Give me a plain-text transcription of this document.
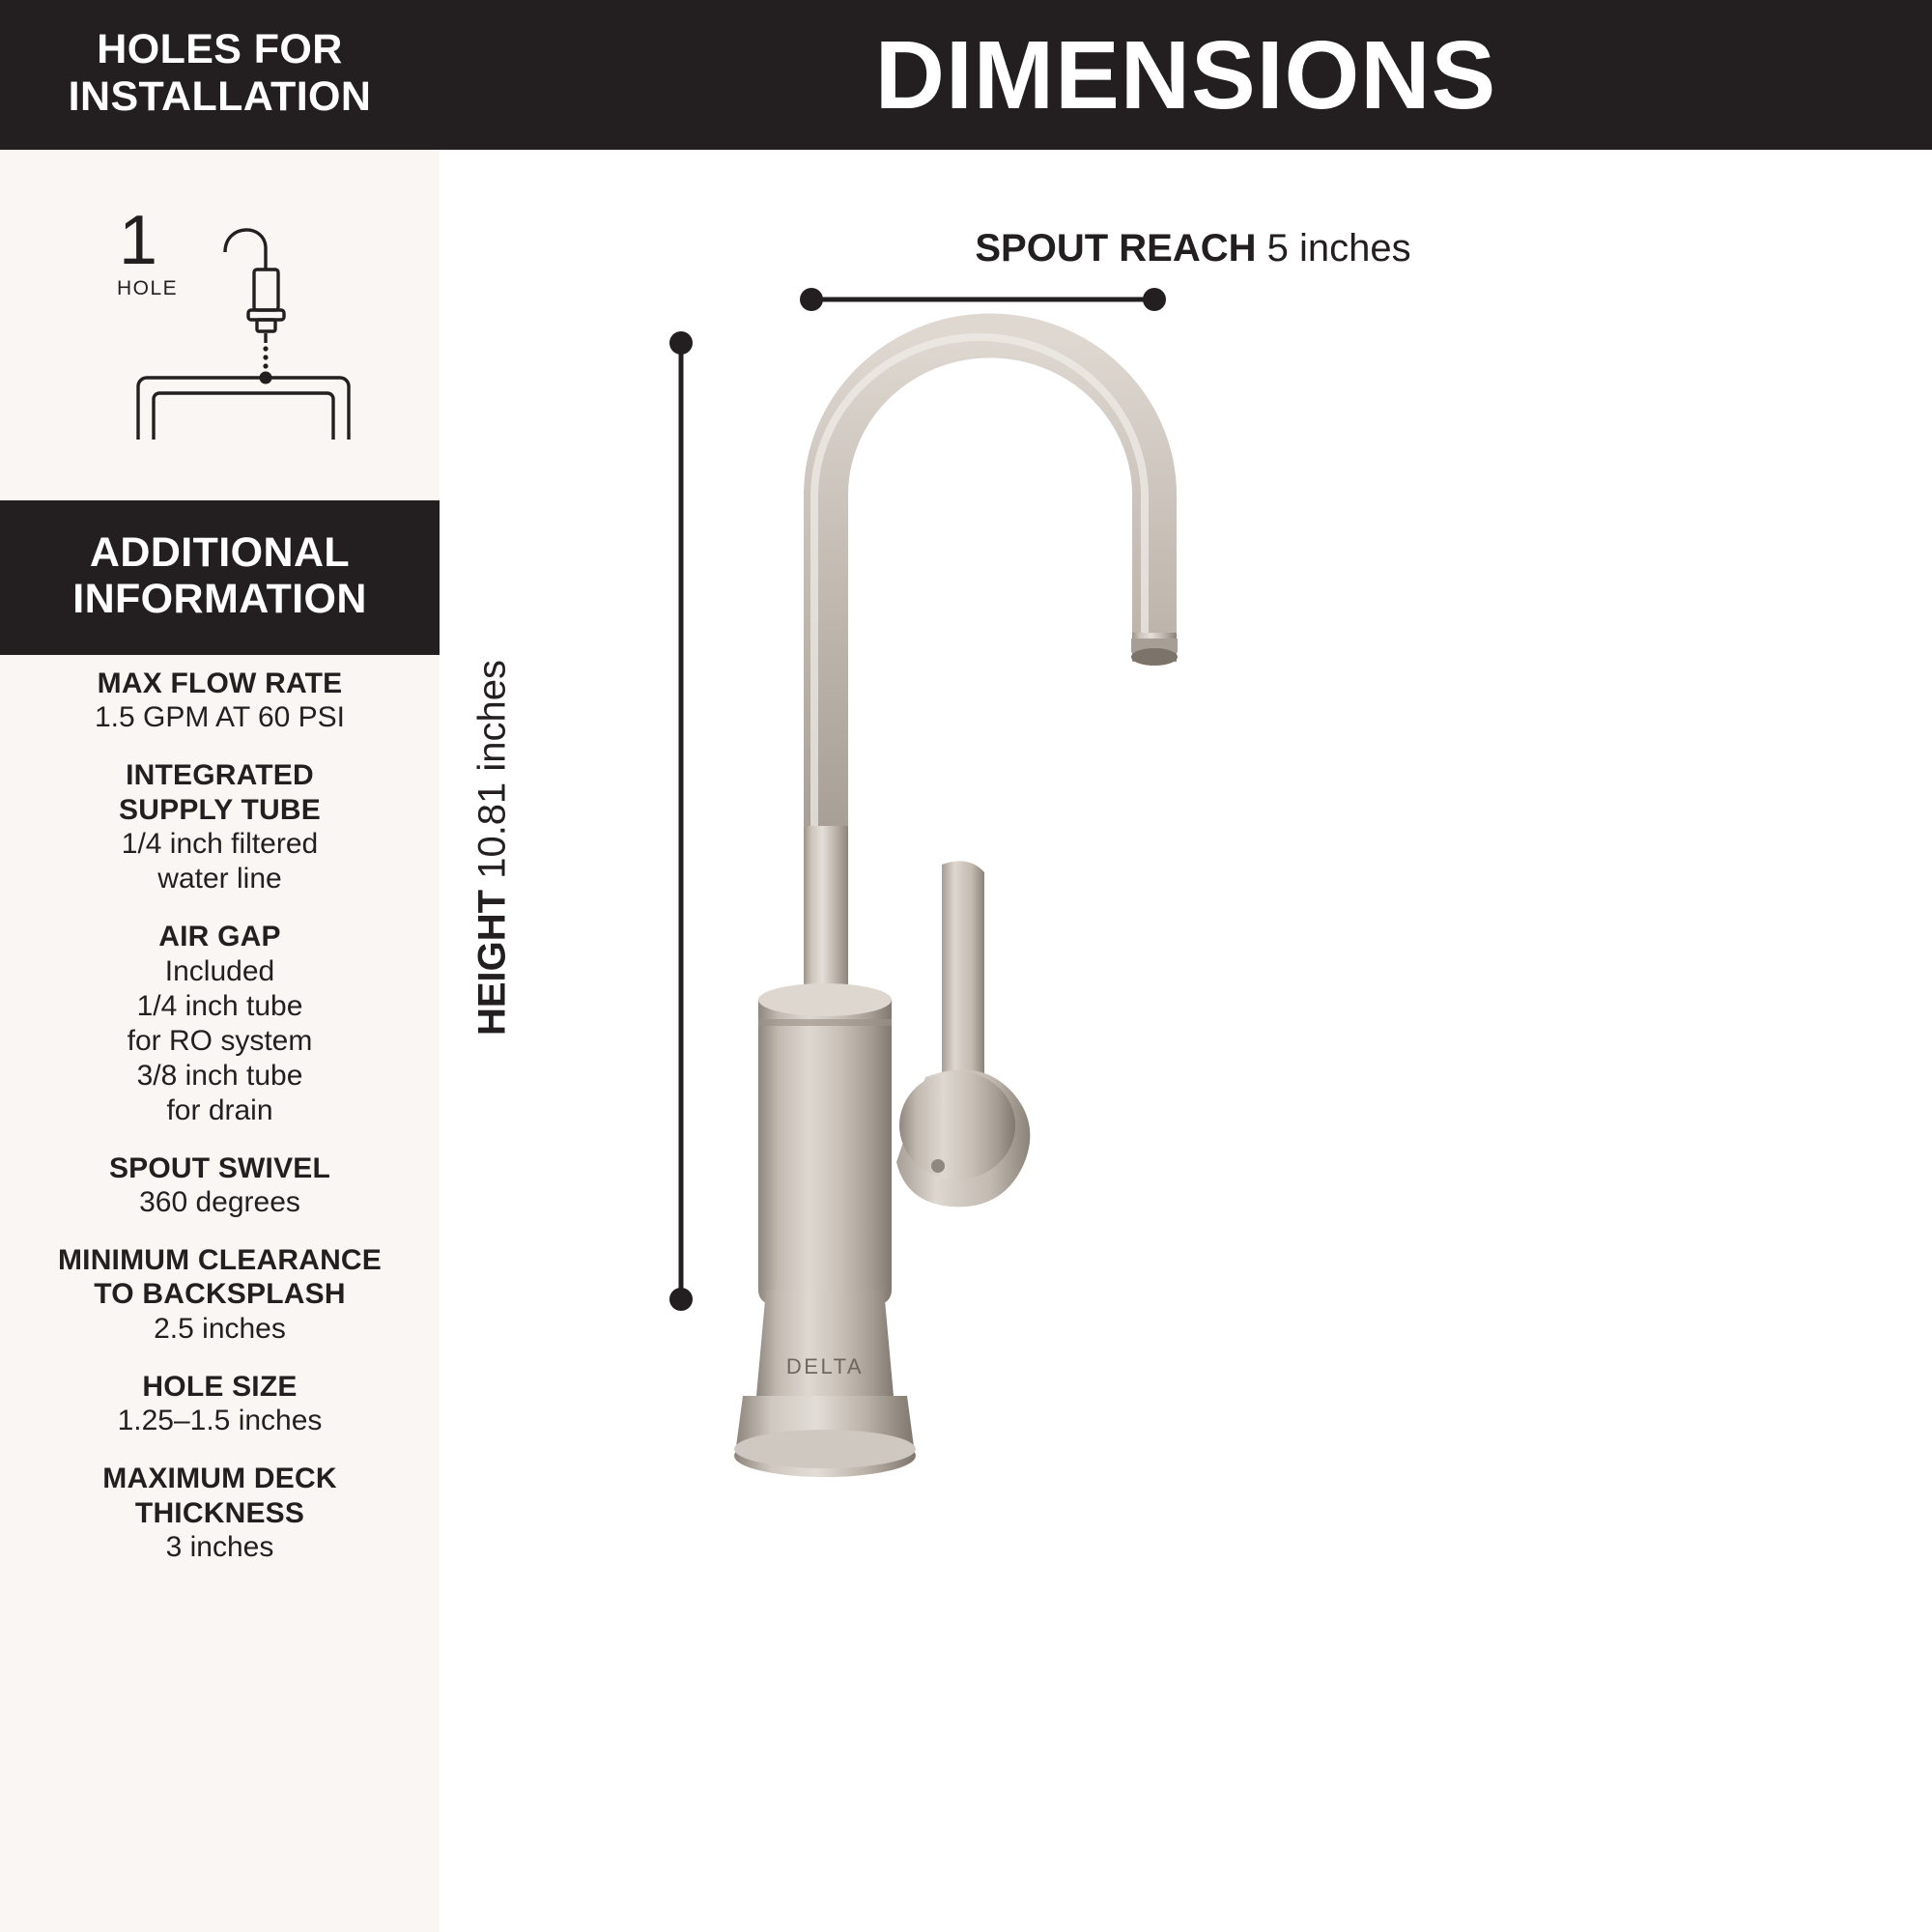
HOLES FOR
INSTALLATION
1
HOLE
ADDITIONAL
INFORMATION
MAX FLOW RATE
1.5 GPM AT 60 PSI
INTEGRATED
SUPPLY TUBE
1/4 inch filtered
water line
AIR GAP
Included
1/4 inch tube
for RO system
3/8 inch tube
for drain
SPOUT SWIVEL
360 degrees
MINIMUM CLEARANCE
TO BACKSPLASH
2.5 inches
HOLE SIZE
1.25–1.5 inches
MAXIMUM DECK
THICKNESS
3 inches
DIMENSIONS
SPOUT REACH 5 inches
HEIGHT 10.81 inches
DELTA
